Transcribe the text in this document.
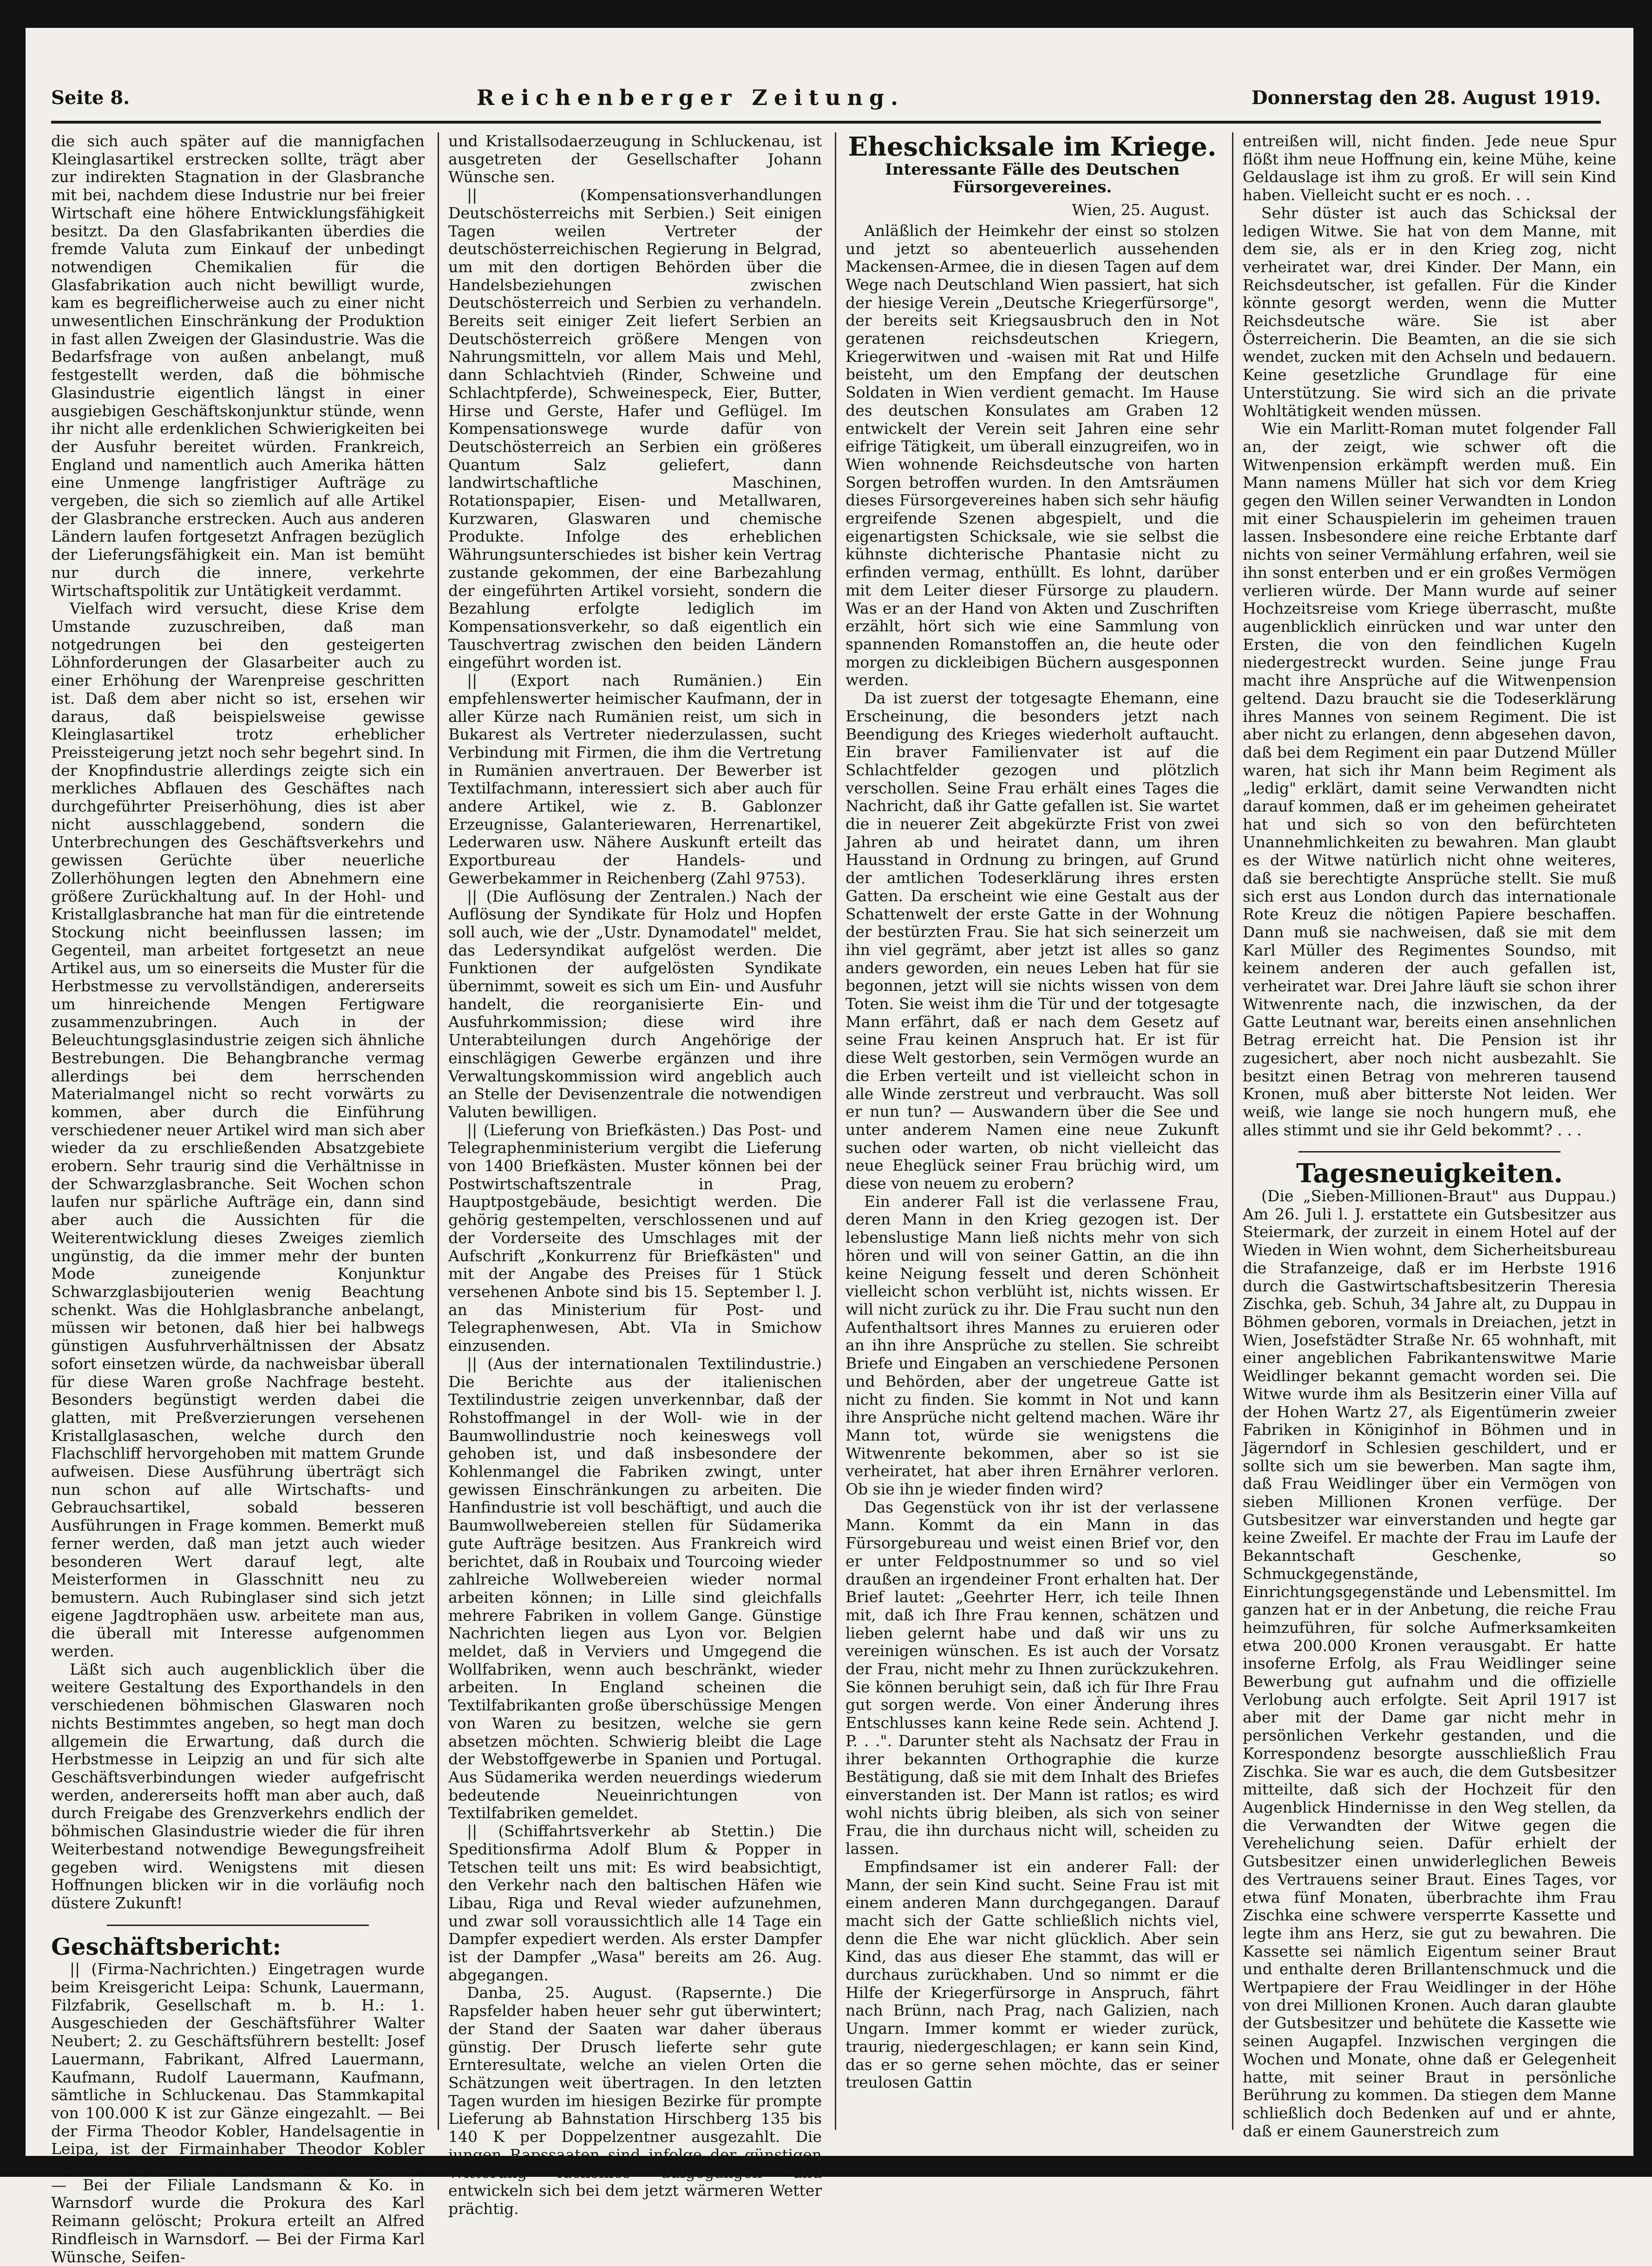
Seite 8.	Reichenberger Zeitung.	Donnerstag den 28. August 1919.

die sich auch später auf die mannigfachen Kleinglasartikel erstrecken sollte, trägt aber zur indirekten Stagnation in der Glasbranche mit bei, nachdem diese Industrie nur bei freier Wirtschaft eine höhere Entwicklungsfähigkeit besitzt. Da den Glasfabrikanten überdies die fremde Valuta zum Einkauf der unbedingt notwendigen Chemikalien für die Glasfabrikation auch nicht bewilligt wurde, kam es begreiflicherweise auch zu einer nicht unwesentlichen Einschränkung der Produktion in fast allen Zweigen der Glasindustrie. Was die Bedarfsfrage von außen anbelangt, muß festgestellt werden, daß die böhmische Glasindustrie eigentlich längst in einer ausgiebigen Geschäftskonjunktur stünde, wenn ihr nicht alle erdenklichen Schwierigkeiten bei der Ausfuhr bereitet würden. Frankreich, England und namentlich auch Amerika hätten eine Unmenge langfristiger Aufträge zu vergeben, die sich so ziemlich auf alle Artikel der Glasbranche erstrecken. Auch aus anderen Ländern laufen fortgesetzt Anfragen bezüglich der Lieferungsfähigkeit ein. Man ist bemüht nur durch die innere, verkehrte Wirtschaftspolitik zur Untätigkeit verdammt.

Vielfach wird versucht, diese Krise dem Umstande zuzuschreiben, daß man notgedrungen bei den gesteigerten Löhnforderungen der Glasarbeiter auch zu einer Erhöhung der Warenpreise geschritten ist. Daß dem aber nicht so ist, ersehen wir daraus, daß beispielsweise gewisse Kleinglasartikel trotz erheblicher Preissteigerung jetzt noch sehr begehrt sind. In der Knopfindustrie allerdings zeigte sich ein merkliches Abflauen des Geschäftes nach durchgeführter Preiserhöhung, dies ist aber nicht ausschlaggebend, sondern die Unterbrechungen des Geschäftsverkehrs und gewissen Gerüchte über neuerliche Zollerhöhungen legten den Abnehmern eine größere Zurückhaltung auf. In der Hohl- und Kristallglasbranche hat man für die eintretende Stockung nicht beeinflussen lassen; im Gegenteil, man arbeitet fortgesetzt an neue Artikel aus, um so einerseits die Muster für die Herbstmesse zu vervollständigen, andererseits um hinreichende Mengen Fertigware zusammenzubringen. Auch in der Beleuchtungsglasindustrie zeigen sich ähnliche Bestrebungen. Die Behangbranche vermag allerdings bei dem herrschenden Materialmangel nicht so recht vorwärts zu kommen, aber durch die Einführung verschiedener neuer Artikel wird man sich aber wieder da zu erschließenden Absatzgebiete erobern. Sehr traurig sind die Verhältnisse in der Schwarzglasbranche. Seit Wochen schon laufen nur spärliche Aufträge ein, dann sind aber auch die Aussichten für die Weiterentwicklung dieses Zweiges ziemlich ungünstig, da die immer mehr der bunten Mode zuneigende Konjunktur Schwarzglasbijouterien wenig Beachtung schenkt. Was die Hohlglasbranche anbelangt, müssen wir betonen, daß hier bei halbwegs günstigen Ausfuhrverhältnissen der Absatz sofort einsetzen würde, da nachweisbar überall für diese Waren große Nachfrage besteht. Besonders begünstigt werden dabei die glatten, mit Preßverzierungen versehenen Kristallglasaschen, welche durch den Flachschliff hervorgehoben mit mattem Grunde aufweisen. Diese Ausführung überträgt sich nun schon auf alle Wirtschafts- und Gebrauchsartikel, sobald besseren Ausführungen in Frage kommen. Bemerkt muß ferner werden, daß man jetzt auch wieder besonderen Wert darauf legt, alte Meisterformen in Glasschnitt neu zu bemustern. Auch Rubinglaser sind sich jetzt eigene Jagdtrophäen usw. arbeitete man aus, die überall mit Interesse aufgenommen werden.

Läßt sich auch augenblicklich über die weitere Gestaltung des Exporthandels in den verschiedenen böhmischen Glaswaren noch nichts Bestimmtes angeben, so hegt man doch allgemein die Erwartung, daß durch die Herbstmesse in Leipzig an und für sich alte Geschäftsverbindungen wieder aufgefrischt werden, andererseits hofft man aber auch, daß durch Freigabe des Grenzverkehrs endlich der böhmischen Glasindustrie wieder die für ihren Weiterbestand notwendige Bewegungsfreiheit gegeben wird. Wenigstens mit diesen Hoffnungen blicken wir in die vorläufig noch düstere Zukunft!

Geschäftsbericht:

|| (Firma-Nachrichten.) Eingetragen wurde beim Kreisgericht Leipa: Schunk, Lauermann, Filzfabrik, Gesellschaft m. b. H.: 1. Ausgeschieden der Geschäftsführer Walter Neubert; 2. zu Geschäftsführern bestellt: Josef Lauermann, Fabrikant, Alfred Lauermann, Kaufmann, Rudolf Lauermann, Kaufmann, sämtliche in Schluckenau. Das Stammkapital von 100.000 K ist zur Gänze eingezahlt. — Bei der Firma Theodor Kobler, Handelsagentie in Leipa, ist der Firmainhaber Theodor Kobler gestorben. Eingetreten Josef Kobler, Kaufmann. — Bei der Filiale Landsmann & Ko. in Warnsdorf wurde die Prokura des Karl Reimann gelöscht; Prokura erteilt an Alfred Rindfleisch in Warnsdorf. — Bei der Firma Karl Wünsche, Seifen-

und Kristallsodaerzeugung in Schluckenau, ist ausgetreten der Gesellschafter Johann Wünsche sen.

|| (Kompensationsverhandlungen Deutschösterreichs mit Serbien.) Seit einigen Tagen weilen Vertreter der deutschösterreichischen Regierung in Belgrad, um mit den dortigen Behörden über die Handelsbeziehungen zwischen Deutschösterreich und Serbien zu verhandeln. Bereits seit einiger Zeit liefert Serbien an Deutschösterreich größere Mengen von Nahrungsmitteln, vor allem Mais und Mehl, dann Schlachtvieh (Rinder, Schweine und Schlachtpferde), Schweinespeck, Eier, Butter, Hirse und Gerste, Hafer und Geflügel. Im Kompensationswege wurde dafür von Deutschösterreich an Serbien ein größeres Quantum Salz geliefert, dann landwirtschaftliche Maschinen, Rotationspapier, Eisen- und Metallwaren, Kurzwaren, Glaswaren und chemische Produkte. Infolge des erheblichen Währungsunterschiedes ist bisher kein Vertrag zustande gekommen, der eine Barbezahlung der eingeführten Artikel vorsieht, sondern die Bezahlung erfolgte lediglich im Kompensationsverkehr, so daß eigentlich ein Tauschvertrag zwischen den beiden Ländern eingeführt worden ist.

|| (Export nach Rumänien.) Ein empfehlenswerter heimischer Kaufmann, der in aller Kürze nach Rumänien reist, um sich in Bukarest als Vertreter niederzulassen, sucht Verbindung mit Firmen, die ihm die Vertretung in Rumänien anvertrauen. Der Bewerber ist Textilfachmann, interessiert sich aber auch für andere Artikel, wie z. B. Gablonzer Erzeugnisse, Galanteriewaren, Herrenartikel, Lederwaren usw. Nähere Auskunft erteilt das Exportbureau der Handels- und Gewerbekammer in Reichenberg (Zahl 9753).

|| (Die Auflösung der Zentralen.) Nach der Auflösung der Syndikate für Holz und Hopfen soll auch, wie der „Ustr. Dynamodatel" meldet, das Ledersyndikat aufgelöst werden. Die Funktionen der aufgelösten Syndikate übernimmt, soweit es sich um Ein- und Ausfuhr handelt, die reorganisierte Ein- und Ausfuhrkommission; diese wird ihre Unterabteilungen durch Angehörige der einschlägigen Gewerbe ergänzen und ihre Verwaltungskommission wird angeblich auch an Stelle der Devisenzentrale die notwendigen Valuten bewilligen.

|| (Lieferung von Briefkästen.) Das Post- und Telegraphenministerium vergibt die Lieferung von 1400 Briefkästen. Muster können bei der Postwirtschaftszentrale in Prag, Hauptpostgebäude, besichtigt werden. Die gehörig gestempelten, verschlossenen und auf der Vorderseite des Umschlages mit der Aufschrift „Konkurrenz für Briefkästen" und mit der Angabe des Preises für 1 Stück versehenen Anbote sind bis 15. September l. J. an das Ministerium für Post- und Telegraphenwesen, Abt. VIa in Smichow einzusenden.

|| (Aus der internationalen Textilindustrie.) Die Berichte aus der italienischen Textilindustrie zeigen unverkennbar, daß der Rohstoffmangel in der Woll- wie in der Baumwollindustrie noch keineswegs voll gehoben ist, und daß insbesondere der Kohlenmangel die Fabriken zwingt, unter gewissen Einschränkungen zu arbeiten. Die Hanfindustrie ist voll beschäftigt, und auch die Baumwollwebereien stellen für Südamerika gute Aufträge besitzen. Aus Frankreich wird berichtet, daß in Roubaix und Tourcoing wieder zahlreiche Wollwebereien wieder normal arbeiten können; in Lille sind gleichfalls mehrere Fabriken in vollem Gange. Günstige Nachrichten liegen aus Lyon vor. Belgien meldet, daß in Verviers und Umgegend die Wollfabriken, wenn auch beschränkt, wieder arbeiten. In England scheinen die Textilfabrikanten große überschüssige Mengen von Waren zu besitzen, welche sie gern absetzen möchten. Schwierig bleibt die Lage der Webstoffgewerbe in Spanien und Portugal. Aus Südamerika werden neuerdings wiederum bedeutende Neueinrichtungen von Textilfabriken gemeldet.

|| (Schiffahrtsverkehr ab Stettin.) Die Speditionsfirma Adolf Blum & Popper in Tetschen teilt uns mit: Es wird beabsichtigt, den Verkehr nach den baltischen Häfen wie Libau, Riga und Reval wieder aufzunehmen, und zwar soll voraussichtlich alle 14 Tage ein Dampfer expediert werden. Als erster Dampfer ist der Dampfer „Wasa" bereits am 26. Aug. abgegangen.

Danba, 25. August. (Rapsernte.) Die Rapsfelder haben heuer sehr gut überwintert; der Stand der Saaten war daher überaus günstig. Der Drusch lieferte sehr gute Ernteresultate, welche an vielen Orten die Schätzungen weit übertragen. In den letzten Tagen wurden im hiesigen Bezirke für prompte Lieferung ab Bahnstation Hirschberg 135 bis 140 K per Doppelzentner ausgezahlt. Die jungen Rapssaaten sind infolge der günstigen Witterung lückenlos aufgegangen und entwickeln sich bei dem jetzt wärmeren Wetter prächtig.

Eheschicksale im Kriege.
Interessante Fälle des Deutschen Fürsorgevereines.
Wien, 25. August.

Anläßlich der Heimkehr der einst so stolzen und jetzt so abenteuerlich aussehenden Mackensen-Armee, die in diesen Tagen auf dem Wege nach Deutschland Wien passiert, hat sich der hiesige Verein „Deutsche Kriegerfürsorge", der bereits seit Kriegsausbruch den in Not geratenen reichsdeutschen Kriegern, Kriegerwitwen und -waisen mit Rat und Hilfe beisteht, um den Empfang der deutschen Soldaten in Wien verdient gemacht. Im Hause des deutschen Konsulates am Graben 12 entwickelt der Verein seit Jahren eine sehr eifrige Tätigkeit, um überall einzugreifen, wo in Wien wohnende Reichsdeutsche von harten Sorgen betroffen wurden. In den Amtsräumen dieses Fürsorgevereines haben sich sehr häufig ergreifende Szenen abgespielt, und die eigenartigsten Schicksale, wie sie selbst die kühnste dichterische Phantasie nicht zu erfinden vermag, enthüllt. Es lohnt, darüber mit dem Leiter dieser Fürsorge zu plaudern. Was er an der Hand von Akten und Zuschriften erzählt, hört sich wie eine Sammlung von spannenden Romanstoffen an, die heute oder morgen zu dickleibigen Büchern ausgesponnen werden.

Da ist zuerst der totgesagte Ehemann, eine Erscheinung, die besonders jetzt nach Beendigung des Krieges wiederholt auftaucht. Ein braver Familienvater ist auf die Schlachtfelder gezogen und plötzlich verschollen. Seine Frau erhält eines Tages die Nachricht, daß ihr Gatte gefallen ist. Sie wartet die in neuerer Zeit abgekürzte Frist von zwei Jahren ab und heiratet dann, um ihren Hausstand in Ordnung zu bringen, auf Grund der amtlichen Todeserklärung ihres ersten Gatten. Da erscheint wie eine Gestalt aus der Schattenwelt der erste Gatte in der Wohnung der bestürzten Frau. Sie hat sich seinerzeit um ihn viel gegrämt, aber jetzt ist alles so ganz anders geworden, ein neues Leben hat für sie begonnen, jetzt will sie nichts wissen von dem Toten. Sie weist ihm die Tür und der totgesagte Mann erfährt, daß er nach dem Gesetz auf seine Frau keinen Anspruch hat. Er ist für diese Welt gestorben, sein Vermögen wurde an die Erben verteilt und ist vielleicht schon in alle Winde zerstreut und verbraucht. Was soll er nun tun? — Auswandern über die See und unter anderem Namen eine neue Zukunft suchen oder warten, ob nicht vielleicht das neue Eheglück seiner Frau brüchig wird, um diese von neuem zu erobern?

Ein anderer Fall ist die verlassene Frau, deren Mann in den Krieg gezogen ist. Der lebenslustige Mann ließ nichts mehr von sich hören und will von seiner Gattin, an die ihn keine Neigung fesselt und deren Schönheit vielleicht schon verblüht ist, nichts wissen. Er will nicht zurück zu ihr. Die Frau sucht nun den Aufenthaltsort ihres Mannes zu eruieren oder an ihn ihre Ansprüche zu stellen. Sie schreibt Briefe und Eingaben an verschiedene Personen und Behörden, aber der ungetreue Gatte ist nicht zu finden. Sie kommt in Not und kann ihre Ansprüche nicht geltend machen. Wäre ihr Mann tot, würde sie wenigstens die Witwenrente bekommen, aber so ist sie verheiratet, hat aber ihren Ernährer verloren. Ob sie ihn je wieder finden wird?

Das Gegenstück von ihr ist der verlassene Mann. Kommt da ein Mann in das Fürsorgebureau und weist einen Brief vor, den er unter Feldpostnummer so und so viel draußen an irgendeiner Front erhalten hat. Der Brief lautet: „Geehrter Herr, ich teile Ihnen mit, daß ich Ihre Frau kennen, schätzen und lieben gelernt habe und daß wir uns zu vereinigen wünschen. Es ist auch der Vorsatz der Frau, nicht mehr zu Ihnen zurückzukehren. Sie können beruhigt sein, daß ich für Ihre Frau gut sorgen werde. Von einer Änderung ihres Entschlusses kann keine Rede sein. Achtend J. P. . .". Darunter steht als Nachsatz der Frau in ihrer bekannten Orthographie die kurze Bestätigung, daß sie mit dem Inhalt des Briefes einverstanden ist. Der Mann ist ratlos; es wird wohl nichts übrig bleiben, als sich von seiner Frau, die ihn durchaus nicht will, scheiden zu lassen.

Empfindsamer ist ein anderer Fall: der Mann, der sein Kind sucht. Seine Frau ist mit einem anderen Mann durchgegangen. Darauf macht sich der Gatte schließlich nichts viel, denn die Ehe war nicht glücklich. Aber sein Kind, das aus dieser Ehe stammt, das will er durchaus zurückhaben. Und so nimmt er die Hilfe der Kriegerfürsorge in Anspruch, fährt nach Brünn, nach Prag, nach Galizien, nach Ungarn. Immer kommt er wieder zurück, traurig, niedergeschlagen; er kann sein Kind, das er so gerne sehen möchte, das er seiner treulosen Gattin

entreißen will, nicht finden. Jede neue Spur flößt ihm neue Hoffnung ein, keine Mühe, keine Geldauslage ist ihm zu groß. Er will sein Kind haben. Vielleicht sucht er es noch. . .

Sehr düster ist auch das Schicksal der ledigen Witwe. Sie hat von dem Manne, mit dem sie, als er in den Krieg zog, nicht verheiratet war, drei Kinder. Der Mann, ein Reichsdeutscher, ist gefallen. Für die Kinder könnte gesorgt werden, wenn die Mutter Reichsdeutsche wäre. Sie ist aber Österreicherin. Die Beamten, an die sie sich wendet, zucken mit den Achseln und bedauern. Keine gesetzliche Grundlage für eine Unterstützung. Sie wird sich an die private Wohltätigkeit wenden müssen.

Wie ein Marlitt-Roman mutet folgender Fall an, der zeigt, wie schwer oft die Witwenpension erkämpft werden muß. Ein Mann namens Müller hat sich vor dem Krieg gegen den Willen seiner Verwandten in London mit einer Schauspielerin im geheimen trauen lassen. Insbesondere eine reiche Erbtante darf nichts von seiner Vermählung erfahren, weil sie ihn sonst enterben und er ein großes Vermögen verlieren würde. Der Mann wurde auf seiner Hochzeitsreise vom Kriege überrascht, mußte augenblicklich einrücken und war unter den Ersten, die von den feindlichen Kugeln niedergestreckt wurden. Seine junge Frau macht ihre Ansprüche auf die Witwenpension geltend. Dazu braucht sie die Todeserklärung ihres Mannes von seinem Regiment. Die ist aber nicht zu erlangen, denn abgesehen davon, daß bei dem Regiment ein paar Dutzend Müller waren, hat sich ihr Mann beim Regiment als „ledig" erklärt, damit seine Verwandten nicht darauf kommen, daß er im geheimen geheiratet hat und sich so von den befürchteten Unannehmlichkeiten zu bewahren. Man glaubt es der Witwe natürlich nicht ohne weiteres, daß sie berechtigte Ansprüche stellt. Sie muß sich erst aus London durch das internationale Rote Kreuz die nötigen Papiere beschaffen. Dann muß sie nachweisen, daß sie mit dem Karl Müller des Regimentes Soundso, mit keinem anderen der auch gefallen ist, verheiratet war. Drei Jahre läuft sie schon ihrer Witwenrente nach, die inzwischen, da der Gatte Leutnant war, bereits einen ansehnlichen Betrag erreicht hat. Die Pension ist ihr zugesichert, aber noch nicht ausbezahlt. Sie besitzt einen Betrag von mehreren tausend Kronen, muß aber bitterste Not leiden. Wer weiß, wie lange sie noch hungern muß, ehe alles stimmt und sie ihr Geld bekommt? . . .

Tagesneuigkeiten.

(Die „Sieben-Millionen-Braut" aus Duppau.) Am 26. Juli l. J. erstattete ein Gutsbesitzer aus Steiermark, der zurzeit in einem Hotel auf der Wieden in Wien wohnt, dem Sicherheitsbureau die Strafanzeige, daß er im Herbste 1916 durch die Gastwirtschaftsbesitzerin Theresia Zischka, geb. Schuh, 34 Jahre alt, zu Duppau in Böhmen geboren, vormals in Dreiachen, jetzt in Wien, Josefstädter Straße Nr. 65 wohnhaft, mit einer angeblichen Fabrikantenswitwe Marie Weidlinger bekannt gemacht worden sei. Die Witwe wurde ihm als Besitzerin einer Villa auf der Hohen Wartz 27, als Eigentümerin zweier Fabriken in Königinhof in Böhmen und in Jägerndorf in Schlesien geschildert, und er sollte sich um sie bewerben. Man sagte ihm, daß Frau Weidlinger über ein Vermögen von sieben Millionen Kronen verfüge. Der Gutsbesitzer war einverstanden und hegte gar keine Zweifel. Er machte der Frau im Laufe der Bekanntschaft Geschenke, so Schmuckgegenstände, Einrichtungsgegenstände und Lebensmittel. Im ganzen hat er in der Anbetung, die reiche Frau heimzuführen, für solche Aufmerksamkeiten etwa 200.000 Kronen verausgabt. Er hatte insoferne Erfolg, als Frau Weidlinger seine Bewerbung gut aufnahm und die offizielle Verlobung auch erfolgte. Seit April 1917 ist aber mit der Dame gar nicht mehr in persönlichen Verkehr gestanden, und die Korrespondenz besorgte ausschließlich Frau Zischka. Sie war es auch, die dem Gutsbesitzer mitteilte, daß sich der Hochzeit für den Augenblick Hindernisse in den Weg stellen, da die Verwandten der Witwe gegen die Verehelichung seien. Dafür erhielt der Gutsbesitzer einen unwiderleglichen Beweis des Vertrauens seiner Braut. Eines Tages, vor etwa fünf Monaten, überbrachte ihm Frau Zischka eine schwere versperrte Kassette und legte ihm ans Herz, sie gut zu bewahren. Die Kassette sei nämlich Eigentum seiner Braut und enthalte deren Brillantenschmuck und die Wertpapiere der Frau Weidlinger in der Höhe von drei Millionen Kronen. Auch daran glaubte der Gutsbesitzer und behütete die Kassette wie seinen Augapfel. Inzwischen vergingen die Wochen und Monate, ohne daß er Gelegenheit hatte, mit seiner Braut in persönliche Berührung zu kommen. Da stiegen dem Manne schließlich doch Bedenken auf und er ahnte, daß er einem Gaunerstreich zum
